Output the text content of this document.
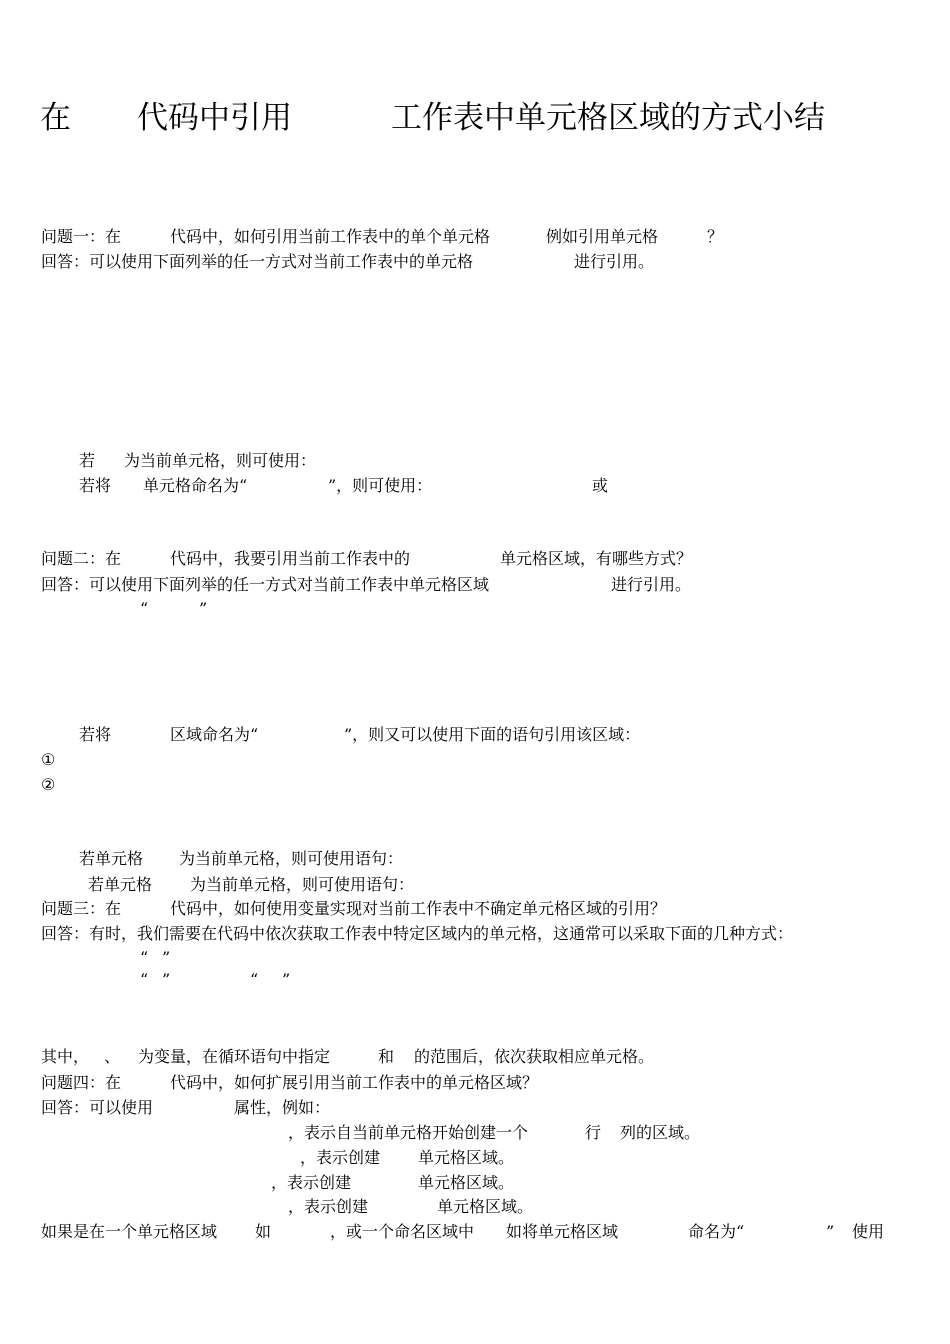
在 代码中引用	工作表中单元格区域的方式小结

问题一：在	代码中，如何引用当前工作表中的单个单元格	例如引用单元格	？

回答：可以使用下面列举的任一方式对当前工作表中的单元格	进行引用。

若 为当前单元格，则可使用：

若将 单元格命名为“	”，则可使用：	或

问题二：在	代码中，我要引用当前工作表中的	单元格区域，有哪些方式？

回答：可以使用下面列举的任一方式对当前工作表中单元格区域	进行引用。

“	”

若将	区域命名为“	”，则又可以使用下面的语句引用该区域：

①

②

若单元格 为当前单元格，则可使用语句：

若单元格 为当前单元格，则可使用语句：

问题三：在	代码中，如何使用变量实现对当前工作表中不确定单元格区域的引用？

回答：有时，我们需要在代码中依次获取工作表中特定区域内的单元格，这通常可以采取下面的几种方式：

“ ”

“ ”	“ ”

其中， 、 为变量，在循环语句中指定	和 的范围后，依次获取相应单元格。

问题四：在	代码中，如何扩展引用当前工作表中的单元格区域？

回答：可以使用	属性，例如：

，表示自当前单元格开始创建一个	行 列的区域。

，表示创建 单元格区域。

，表示创建	单元格区域。

，表示创建	单元格区域。

如果是在一个单元格区域 如	，或一个命名区域中 如将单元格区域	命名为“	” 使用
